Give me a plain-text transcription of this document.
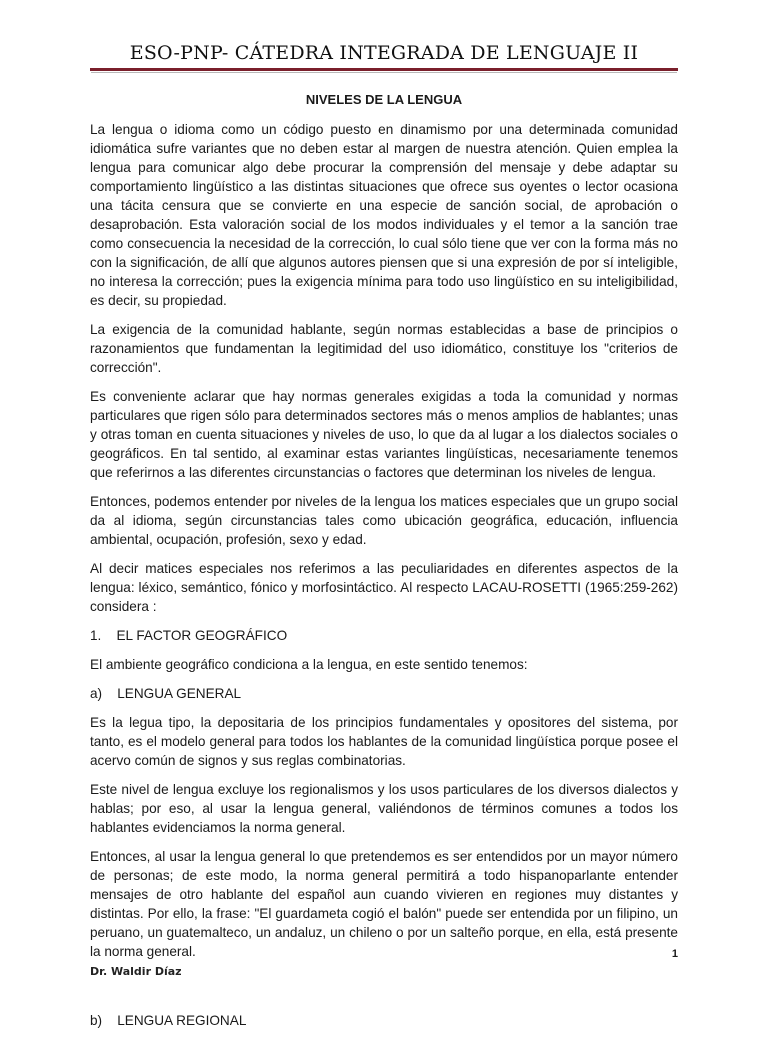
ESO-PNP- CÁTEDRA INTEGRADA DE LENGUAJE II
NIVELES DE LA LENGUA

La lengua o idioma como un código puesto en dinamismo por una determinada comunidad idiomática sufre variantes que no deben estar al margen de nuestra atención. Quien emplea la lengua para comunicar algo debe procurar la comprensión del mensaje y debe adaptar su comportamiento lingüístico a las distintas situaciones que ofrece sus oyentes o lector ocasiona una tácita censura que se convierte en una especie de sanción social, de aprobación o desaprobación. Esta valoración social de los modos individuales y el temor a la sanción trae como consecuencia la necesidad de la corrección, lo cual sólo tiene que ver con la forma más no con la significación, de allí que algunos autores piensen que si una expresión de por sí inteligible, no interesa la corrección; pues la exigencia mínima para todo uso lingüístico en su inteligibilidad, es decir, su propiedad.

La exigencia de la comunidad hablante, según normas establecidas a base de principios o razonamientos que fundamentan la legitimidad del uso idiomático, constituye los "criterios de corrección".

Es conveniente aclarar que hay normas generales exigidas a toda la comunidad y normas particulares que rigen sólo para determinados sectores más o menos amplios de hablantes; unas y otras toman en cuenta situaciones y niveles de uso, lo que da al lugar a los dialectos sociales o geográficos. En tal sentido, al examinar estas variantes lingüísticas, necesariamente tenemos que referirnos a las diferentes circunstancias o factores que determinan los niveles de lengua.

Entonces, podemos entender por niveles de la lengua los matices especiales que un grupo social da al idioma, según circunstancias tales como ubicación geográfica, educación, influencia ambiental, ocupación, profesión, sexo y edad.

Al decir matices especiales nos referimos a las peculiaridades en diferentes aspectos de la lengua: léxico, semántico, fónico y morfosintáctico. Al respecto LACAU-ROSETTI (1965:259-262) considera :

1.    EL FACTOR GEOGRÁFICO

El ambiente geográfico condiciona a la lengua, en este sentido tenemos:

a)    LENGUA GENERAL

Es la legua tipo, la depositaria de los principios fundamentales y opositores del sistema, por tanto, es el modelo general para todos los hablantes de la comunidad lingüística porque posee el acervo común de signos y sus reglas combinatorias.

Este nivel de lengua excluye los regionalismos y los usos particulares de los diversos dialectos y hablas; por eso, al usar la lengua general, valiéndonos de términos comunes a todos los hablantes evidenciamos la norma general.

Entonces, al usar la lengua general lo que pretendemos es ser entendidos por un mayor número de personas; de este modo, la norma general permitirá a todo hispanoparlante entender mensajes de otro hablante del español aun cuando vivieren en regiones muy distantes y distintas. Por ello, la frase: "El guardameta cogió el balón" puede ser entendida por un filipino, un peruano, un guatemalteco, un andaluz, un chileno o por un salteño porque, en ella, está presente la norma general.

b)    LENGUA REGIONAL
1
Dr. Waldir Díaz
